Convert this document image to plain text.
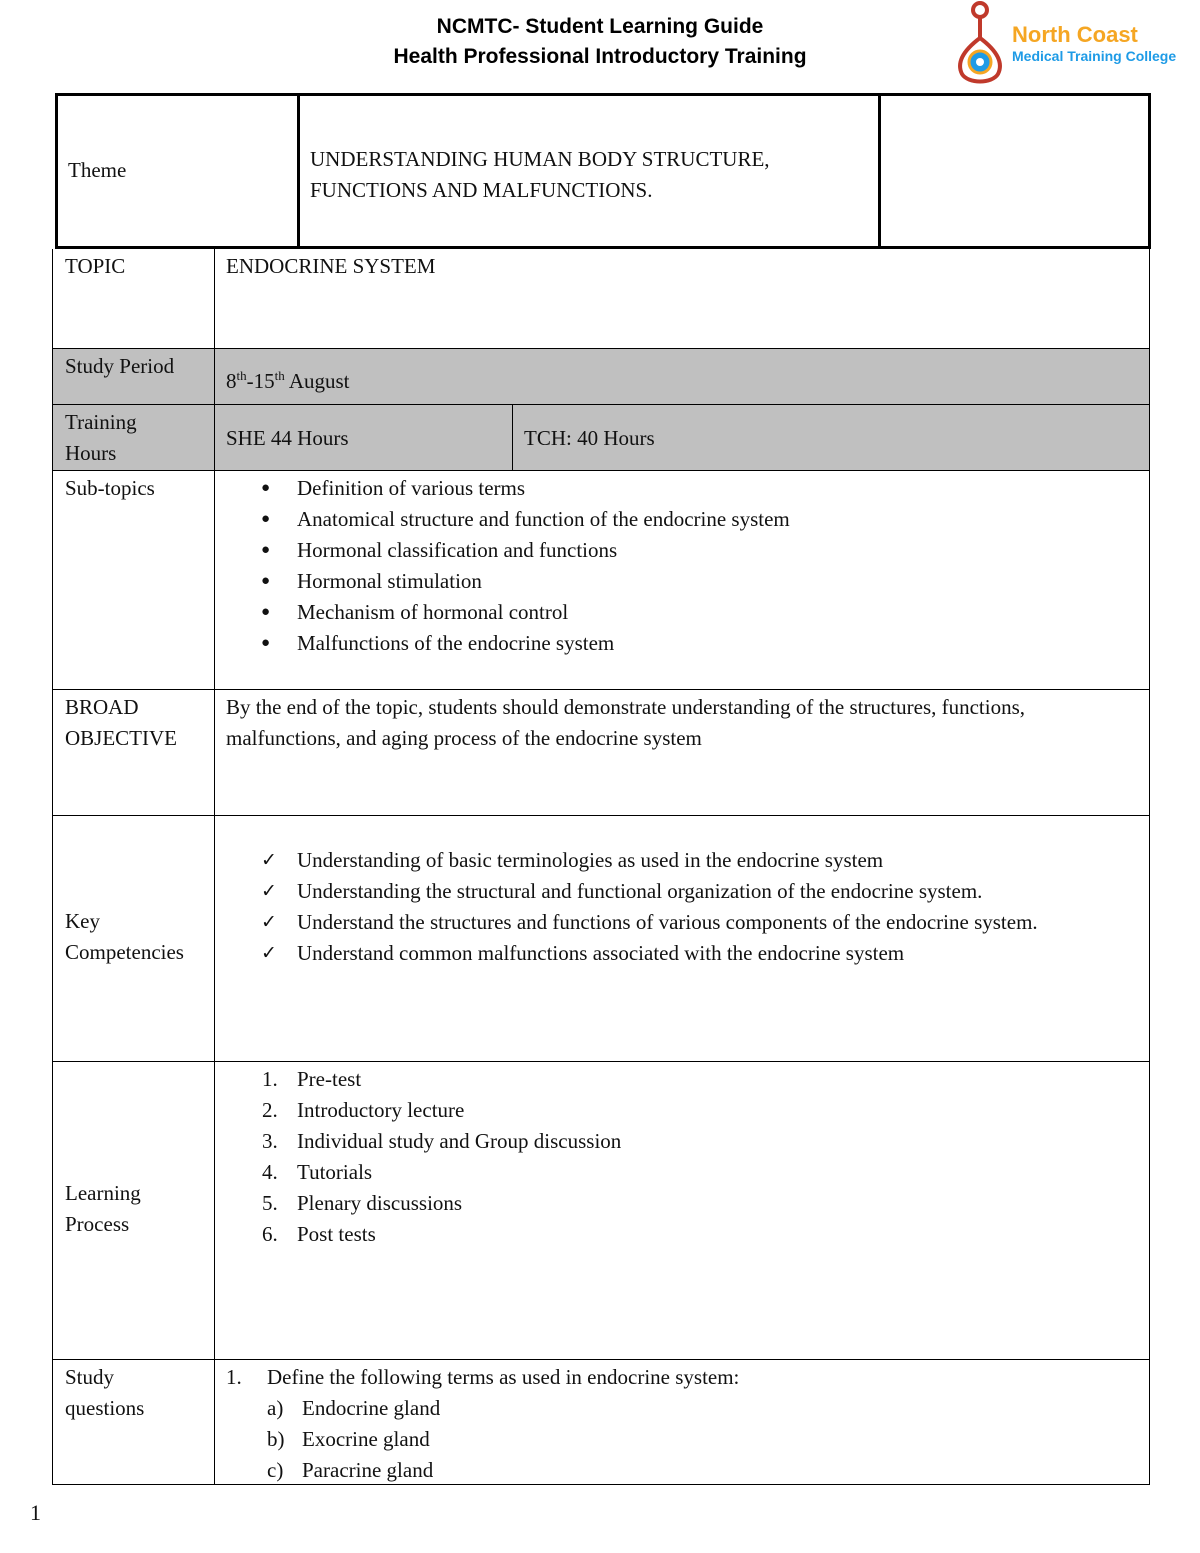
NCMTC- Student Learning Guide
Health Professional Introductory Training
North Coast
Medical Training College
Theme	UNDERSTANDING HUMAN BODY STRUCTURE,
FUNCTIONS AND MALFUNCTIONS.
TOPIC	ENDOCRINE SYSTEM
Study Period
8th-15th August
Training
Hours
SHE 44 Hours	TCH: 40 Hours
Sub-topics
●	Definition of various terms
● Anatomical structure and function of the endocrine system
● Hormonal classification and functions
● Hormonal stimulation
● Mechanism of hormonal control
● Malfunctions of the endocrine system
BROAD
OBJECTIVE
By the end of the topic, students should demonstrate understanding of the structures, functions, malfunctions, and aging process of the endocrine system
Key
Competencies
✓ Understanding of basic terminologies as used in the endocrine system
✓ Understanding the structural and functional organization of the endocrine system.
✓ Understand the structures and functions of various components of the endocrine system.
✓ Understand common malfunctions associated with the endocrine system
Learning
Process
1. Pre-test
2. Introductory lecture
3. Individual study and Group discussion
4. Tutorials
5. Plenary discussions
6. Post tests
Study
questions
1. Define the following terms as used in endocrine system:
a) Endocrine gland
b) Exocrine gland
c) Paracrine gland
1
